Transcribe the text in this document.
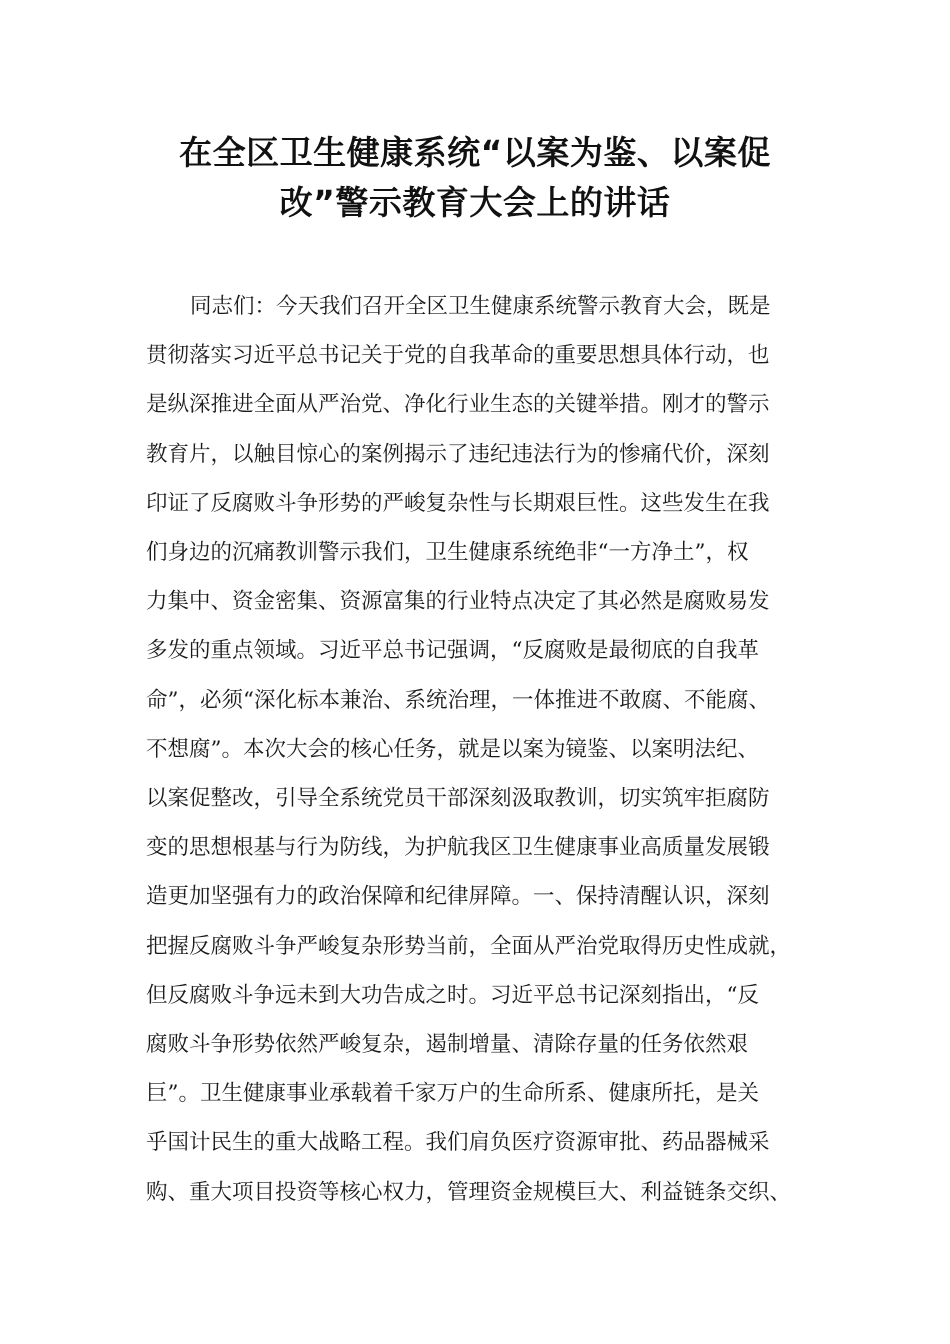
在全区卫生健康系统“以案为鉴、以案促
改”警示教育大会上的讲话
同志们：今天我们召开全区卫生健康系统警示教育大会，既是
贯彻落实习近平总书记关于党的自我革命的重要思想具体行动，也
是纵深推进全面从严治党、净化行业生态的关键举措。刚才的警示
教育片，以触目惊心的案例揭示了违纪违法行为的惨痛代价，深刻
印证了反腐败斗争形势的严峻复杂性与长期艰巨性。这些发生在我
们身边的沉痛教训警示我们，卫生健康系统绝非“一方净土”，权
力集中、资金密集、资源富集的行业特点决定了其必然是腐败易发
多发的重点领域。习近平总书记强调，“反腐败是最彻底的自我革
命”，必须“深化标本兼治、系统治理，一体推进不敢腐、不能腐、
不想腐”。本次大会的核心任务，就是以案为镜鉴、以案明法纪、
以案促整改，引导全系统党员干部深刻汲取教训，切实筑牢拒腐防
变的思想根基与行为防线，为护航我区卫生健康事业高质量发展锻
造更加坚强有力的政治保障和纪律屏障。一、保持清醒认识，深刻
把握反腐败斗争严峻复杂形势当前，全面从严治党取得历史性成就，
但反腐败斗争远未到大功告成之时。习近平总书记深刻指出，“反
腐败斗争形势依然严峻复杂，遏制增量、清除存量的任务依然艰
巨”。卫生健康事业承载着千家万户的生命所系、健康所托，是关
乎国计民生的重大战略工程。我们肩负医疗资源审批、药品器械采
购、重大项目投资等核心权力，管理资金规模巨大、利益链条交织、
